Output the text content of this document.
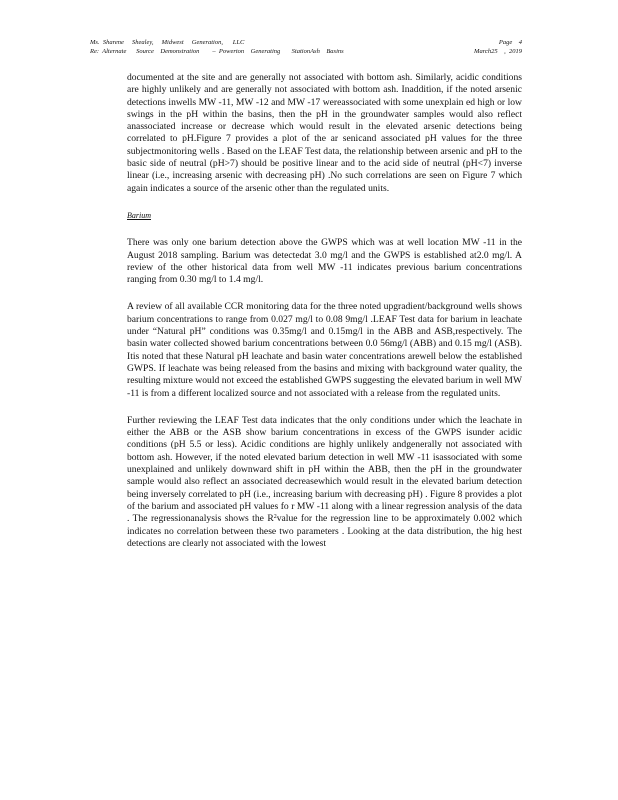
Ms.  Sharene     Shealey,     Midwest     Generation,      LLC
Re:  Alternate      Source    Demonstration        –  Powerton    Generating       StationAsh    Basins
Page    4
March25    ,  2019

documented at the site and are generally not associated with bottom ash. Similarly, acidic conditions are highly unlikely and are generally not associated with bottom ash. Inaddition, if the noted arsenic detections inwells MW -11, MW -12 and MW -17 wereassociated with some unexplain ed high or low swings in the pH within the basins, then the pH in the groundwater samples would also reflect anassociated increase or decrease which would result in the elevated arsenic detections being correlated to pH.Figure 7 provides a plot of the ar senicand associated pH values for the three subjectmonitoring wells . Based on the LEAF Test data, the relationship between arsenic and pH to the basic side of neutral (pH>7) should be positive linear and to the acid side of neutral (pH<7) inverse linear (i.e., increasing arsenic with decreasing pH) .No such correlations are seen on Figure 7 which again indicates a source of the arsenic other than the regulated units.

Barium

There was only one barium detection above the GWPS which was at well location MW -11 in the August 2018 sampling. Barium was detectedat 3.0 mg/l and the GWPS is established at2.0 mg/l. A review of the other historical data from well MW -11 indicates previous barium concentrations ranging from 0.30 mg/l to 1.4 mg/l.

A review of all available CCR monitoring data for the three noted upgradient/background wells shows barium concentrations to range from 0.027 mg/l to 0.08 9mg/l .LEAF Test data for barium in leachate under “Natural pH” conditions was 0.35mg/l and 0.15mg/l in the ABB and ASB,respectively. The basin water collected showed barium concentrations between 0.0 56mg/l (ABB) and 0.15 mg/l (ASB). Itis noted that these Natural pH leachate and basin water concentrations arewell below the established GWPS. If leachate was being released from the basins and mixing with background water quality, the resulting mixture would not exceed the established GWPS suggesting the elevated barium in well MW -11 is from a different localized source and not associated with a release from the regulated units.

Further reviewing the LEAF Test data indicates that the only conditions under which the leachate in either the ABB or the ASB show barium concentrations in excess of the GWPS isunder acidic conditions (pH 5.5 or less). Acidic conditions are highly unlikely andgenerally not associated with bottom ash. However, if the noted elevated barium detection in well MW -11 isassociated with some unexplained and unlikely downward shift in pH within the ABB, then the pH in the groundwater sample would also reflect an associated decreasewhich would result in the elevated barium detection being inversely correlated to pH (i.e., increasing barium with decreasing pH) . Figure 8 provides a plot of the barium and associated pH values fo r MW -11 along with a linear regression analysis of the data . The regressionanalysis shows the $R^2value$ for the regression line to be approximately 0.002 which indicates no correlation between these two parameters . Looking at the data distribution, the hig hest detections are clearly not associated with the lowest
